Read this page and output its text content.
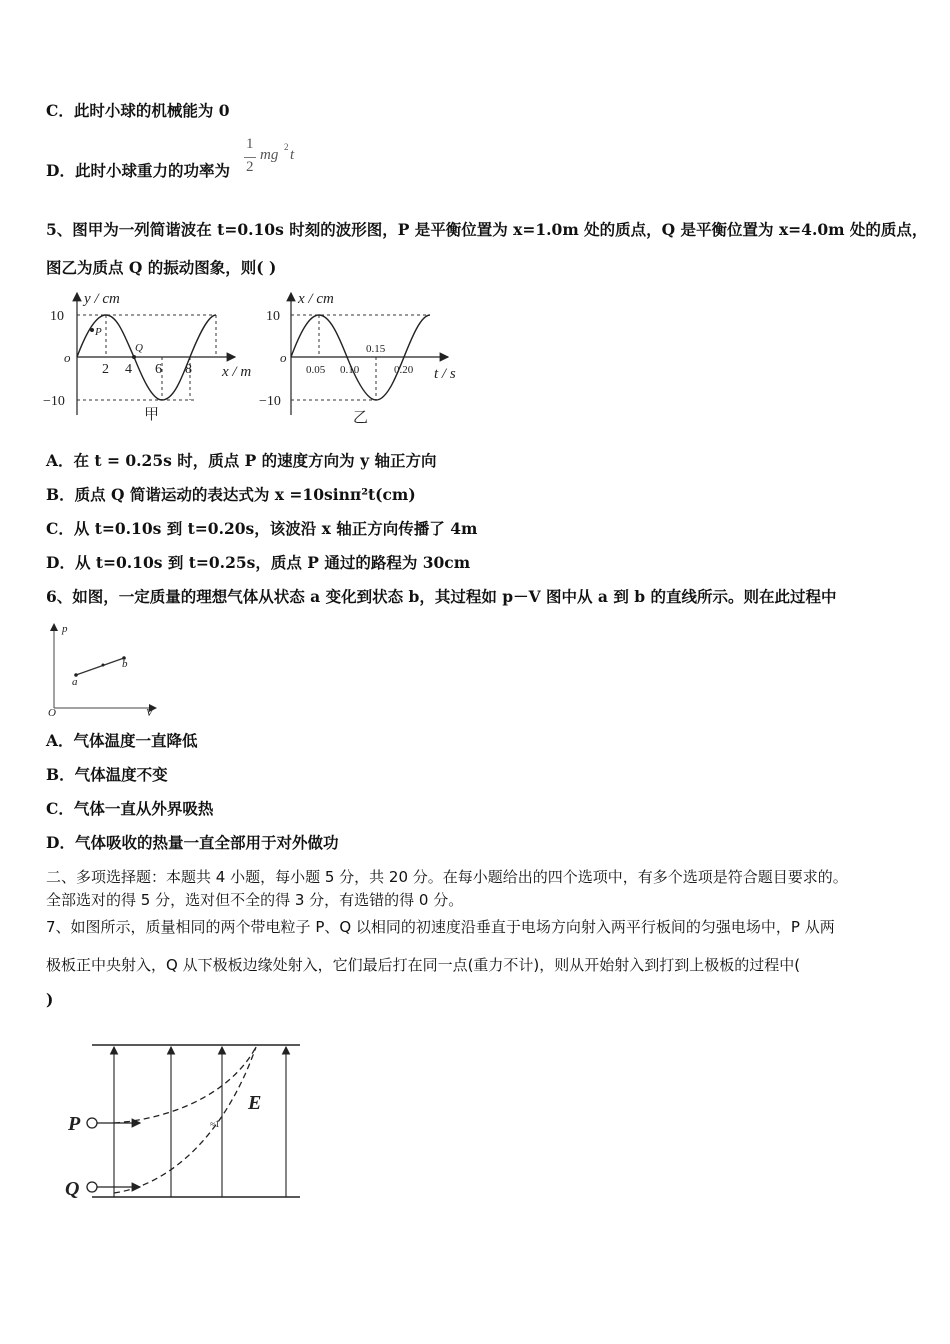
C．此时小球的机械能为 0
D．此时小球重力的功率为
1
2
mg 2 t
5、图甲为一列简谐波在 t=0.10s 时刻的波形图，P 是平衡位置为 x=1.0m 处的质点，Q 是平衡位置为 x=4.0m 处的质点，
图乙为质点 Q 的振动图象，则( )
P
Q
y / cm
x / m
o
10
−10
2 4 6 8
甲
x / cm
t / s
o
10
−10
0.05 0.10
0.15
0.20
乙
A．在 t = 0.25s 时，质点 P 的速度方向为 y 轴正方向
B．质点 Q 简谐运动的表达式为 x =10sinπ²t(cm)
C．从 t=0.10s 到 t=0.20s，该波沿 x 轴正方向传播了 4m
D．从 t=0.10s 到 t=0.25s，质点 P 通过的路程为 30cm
6、如图，一定质量的理想气体从状态 a 变化到状态 b，其过程如 p－V 图中从 a 到 b 的直线所示。则在此过程中
p
V
O
a
b
A．气体温度一直降低
B．气体温度不变
C．气体一直从外界吸热
D．气体吸收的热量一直全部用于对外做功
二、多项选择题：本题共 4 小题，每小题 5 分，共 20 分。在每小题给出的四个选项中，有多个选项是符合题目要求的。
全部选对的得 5 分，选对但不全的得 3 分，有选错的得 0 分。
7、如图所示，质量相同的两个带电粒子 P、Q 以相同的初速度沿垂直于电场方向射入两平行板间的匀强电场中，P 从两
极板正中央射入，Q 从下极板边缘处射入，它们最后打在同一点(重力不计)，则从开始射入到打到上极板的过程中(
)
P
Q
E
≈1
